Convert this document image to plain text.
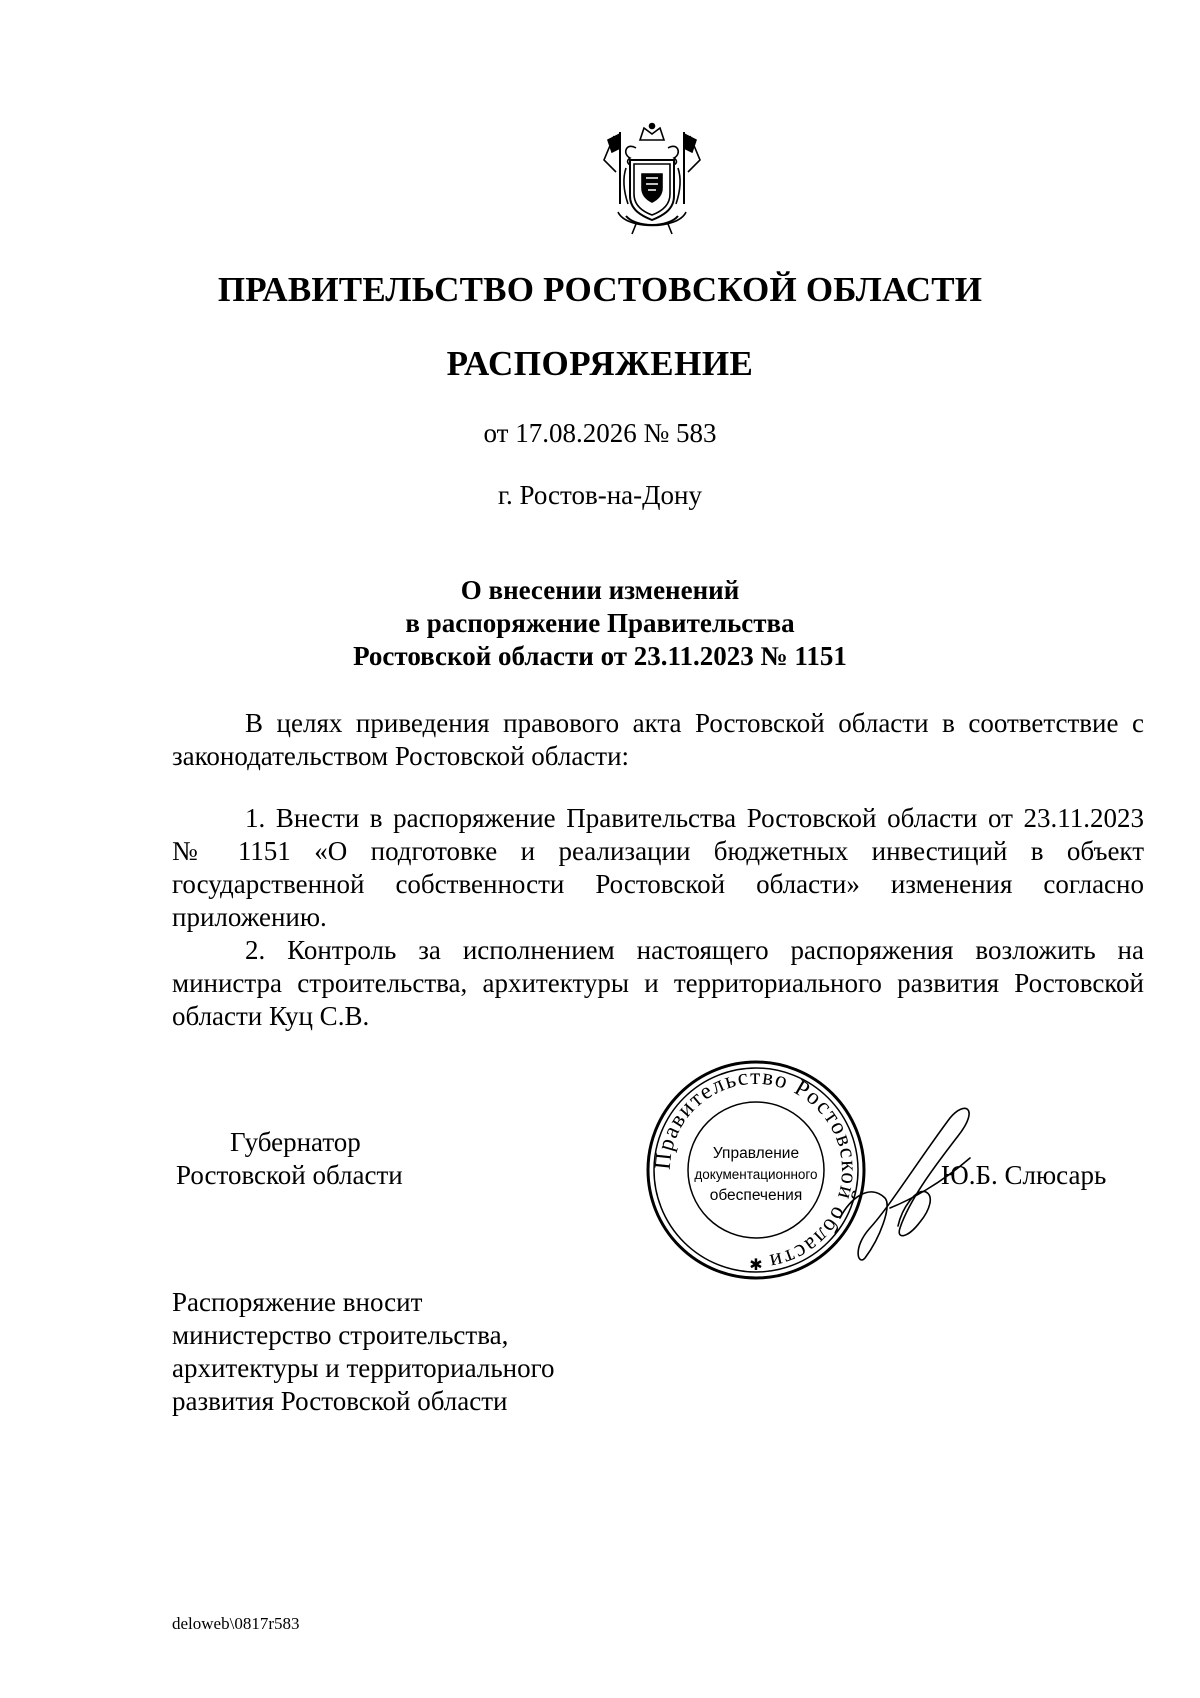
ПРАВИТЕЛЬСТВО РОСТОВСКОЙ ОБЛАСТИ
РАСПОРЯЖЕНИЕ
от 17.08.2026 № 583
г. Ростов-на-Дону
О внесении изменений
в распоряжение Правительства
Ростовской области от 23.11.2023 № 1151

В целях приведения правового акта Ростовской области в соответствие с законодательством Ростовской области:

1. Внести в распоряжение Правительства Ростовской области от 23.11.2023 № 1151 «О подготовке и реализации бюджетных инвестиций в объект государственной собственности Ростовской области» изменения согласно приложению.

2. Контроль за исполнением настоящего распоряжения возложить на министра строительства, архитектуры и территориального развития Ростовской области Куц С.В.

Губернатор
Ростовской области	Правительство Ростовской области
Управление
документационного
обеспечения
✱
Ю.Б. Слюсарь
Распоряжение вносит
министерство строительства,
архитектуры и территориального
развития Ростовской области
deloweb\0817r583
